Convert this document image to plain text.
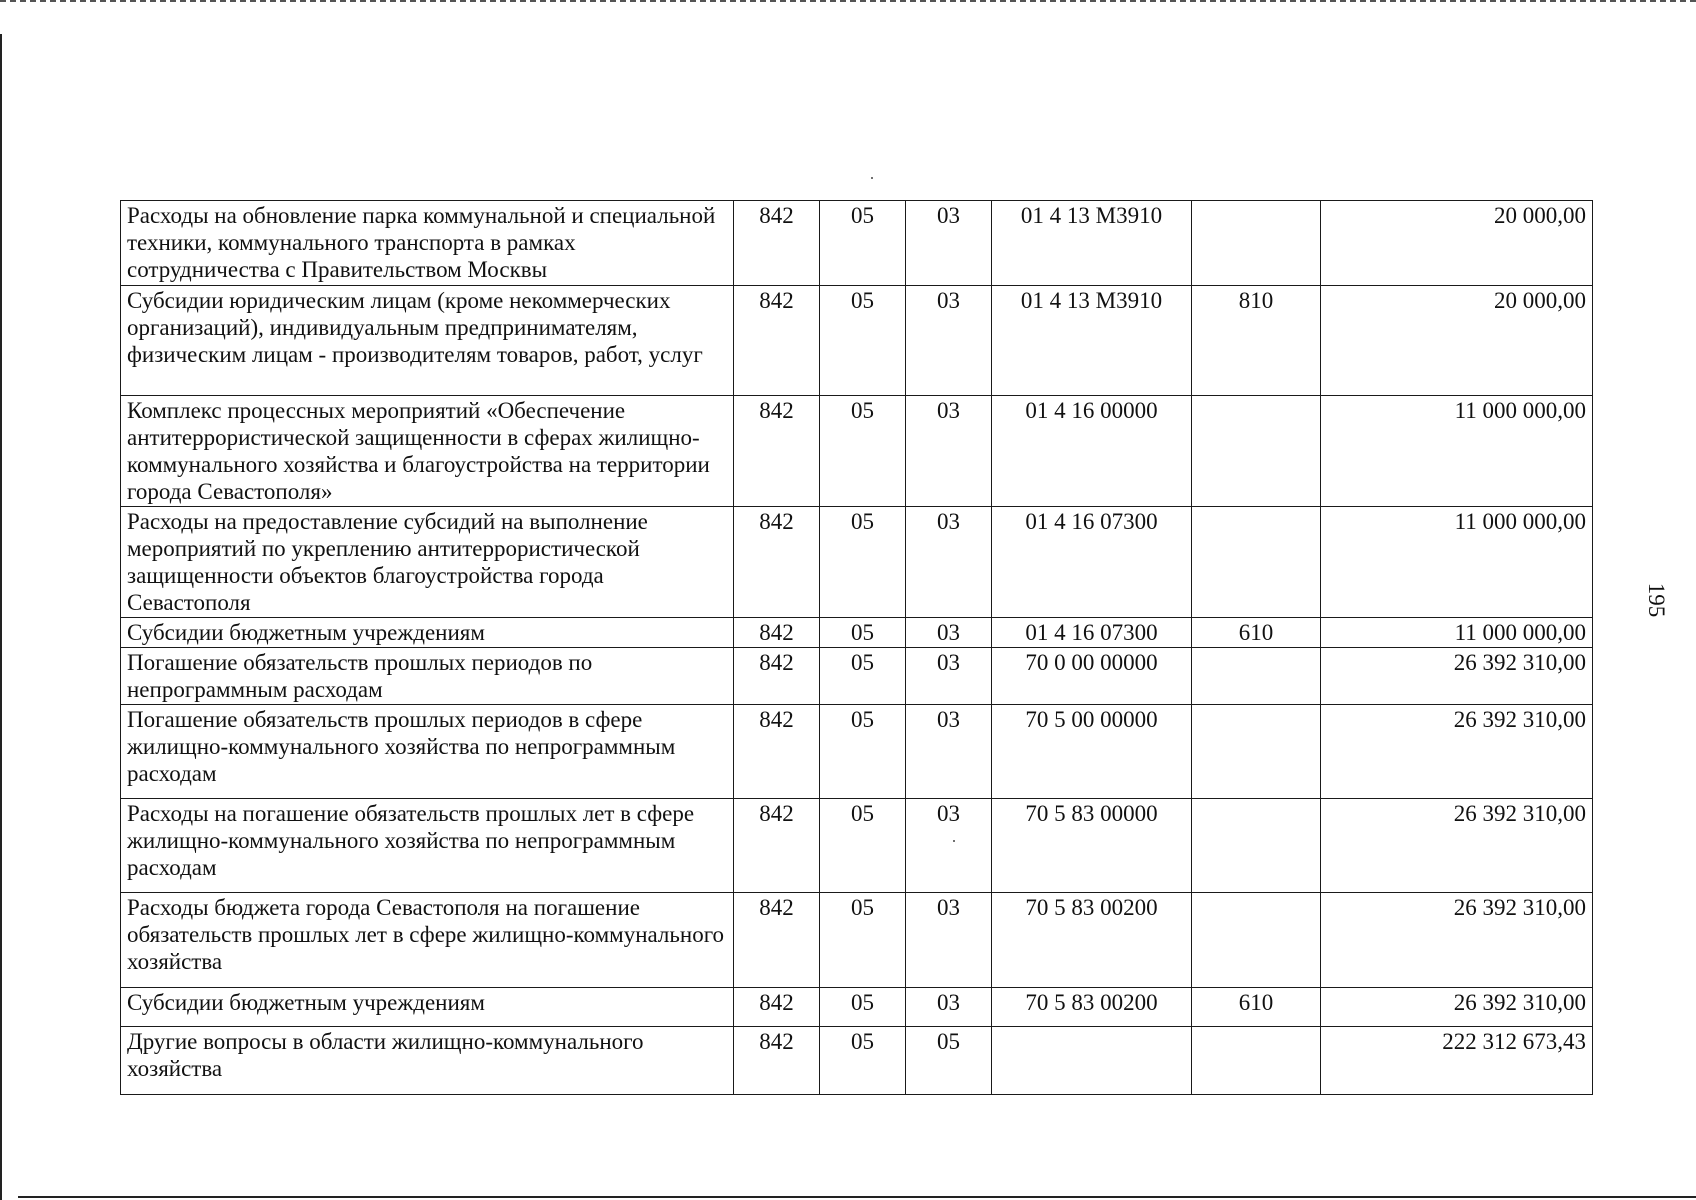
195
Расходы на обновление парка коммунальной и специальной техники, коммунального транспорта в рамках сотрудничества с Правительством Москвы	842	05	03	01 4 13 M3910		20 000,00
Субсидии юридическим лицам (кроме некоммерческих организаций), индивидуальным предпринимателям, физическим лицам - производителям товаров, работ, услуг	842	05	03	01 4 13 M3910	810	20 000,00
Комплекс процессных мероприятий «Обеспечение антитеррористической защищенности в сферах жилищно-коммунального хозяйства и благоустройства на территории города Севастополя»	842	05	03	01 4 16 00000		11 000 000,00
Расходы на предоставление субсидий на выполнение мероприятий по укреплению антитеррористической защищенности объектов благоустройства города Севастополя	842	05	03	01 4 16 07300		11 000 000,00
Субсидии бюджетным учреждениям	842	05	03	01 4 16 07300	610	11 000 000,00
Погашение обязательств прошлых периодов по непрограммным расходам	842	05	03	70 0 00 00000		26 392 310,00
Погашение обязательств прошлых периодов в сфере жилищно-коммунального хозяйства по непрограммным расходам	842	05	03	70 5 00 00000		26 392 310,00
Расходы на погашение обязательств прошлых лет в сфере жилищно-коммунального хозяйства по непрограммным расходам	842	05	03	70 5 83 00000		26 392 310,00
Расходы бюджета города Севастополя на погашение обязательств прошлых лет в сфере жилищно-коммунального хозяйства	842	05	03	70 5 83 00200		26 392 310,00
Субсидии бюджетным учреждениям	842	05	03	70 5 83 00200	610	26 392 310,00
Другие вопросы в области жилищно-коммунального хозяйства	842	05	05			222 312 673,43
